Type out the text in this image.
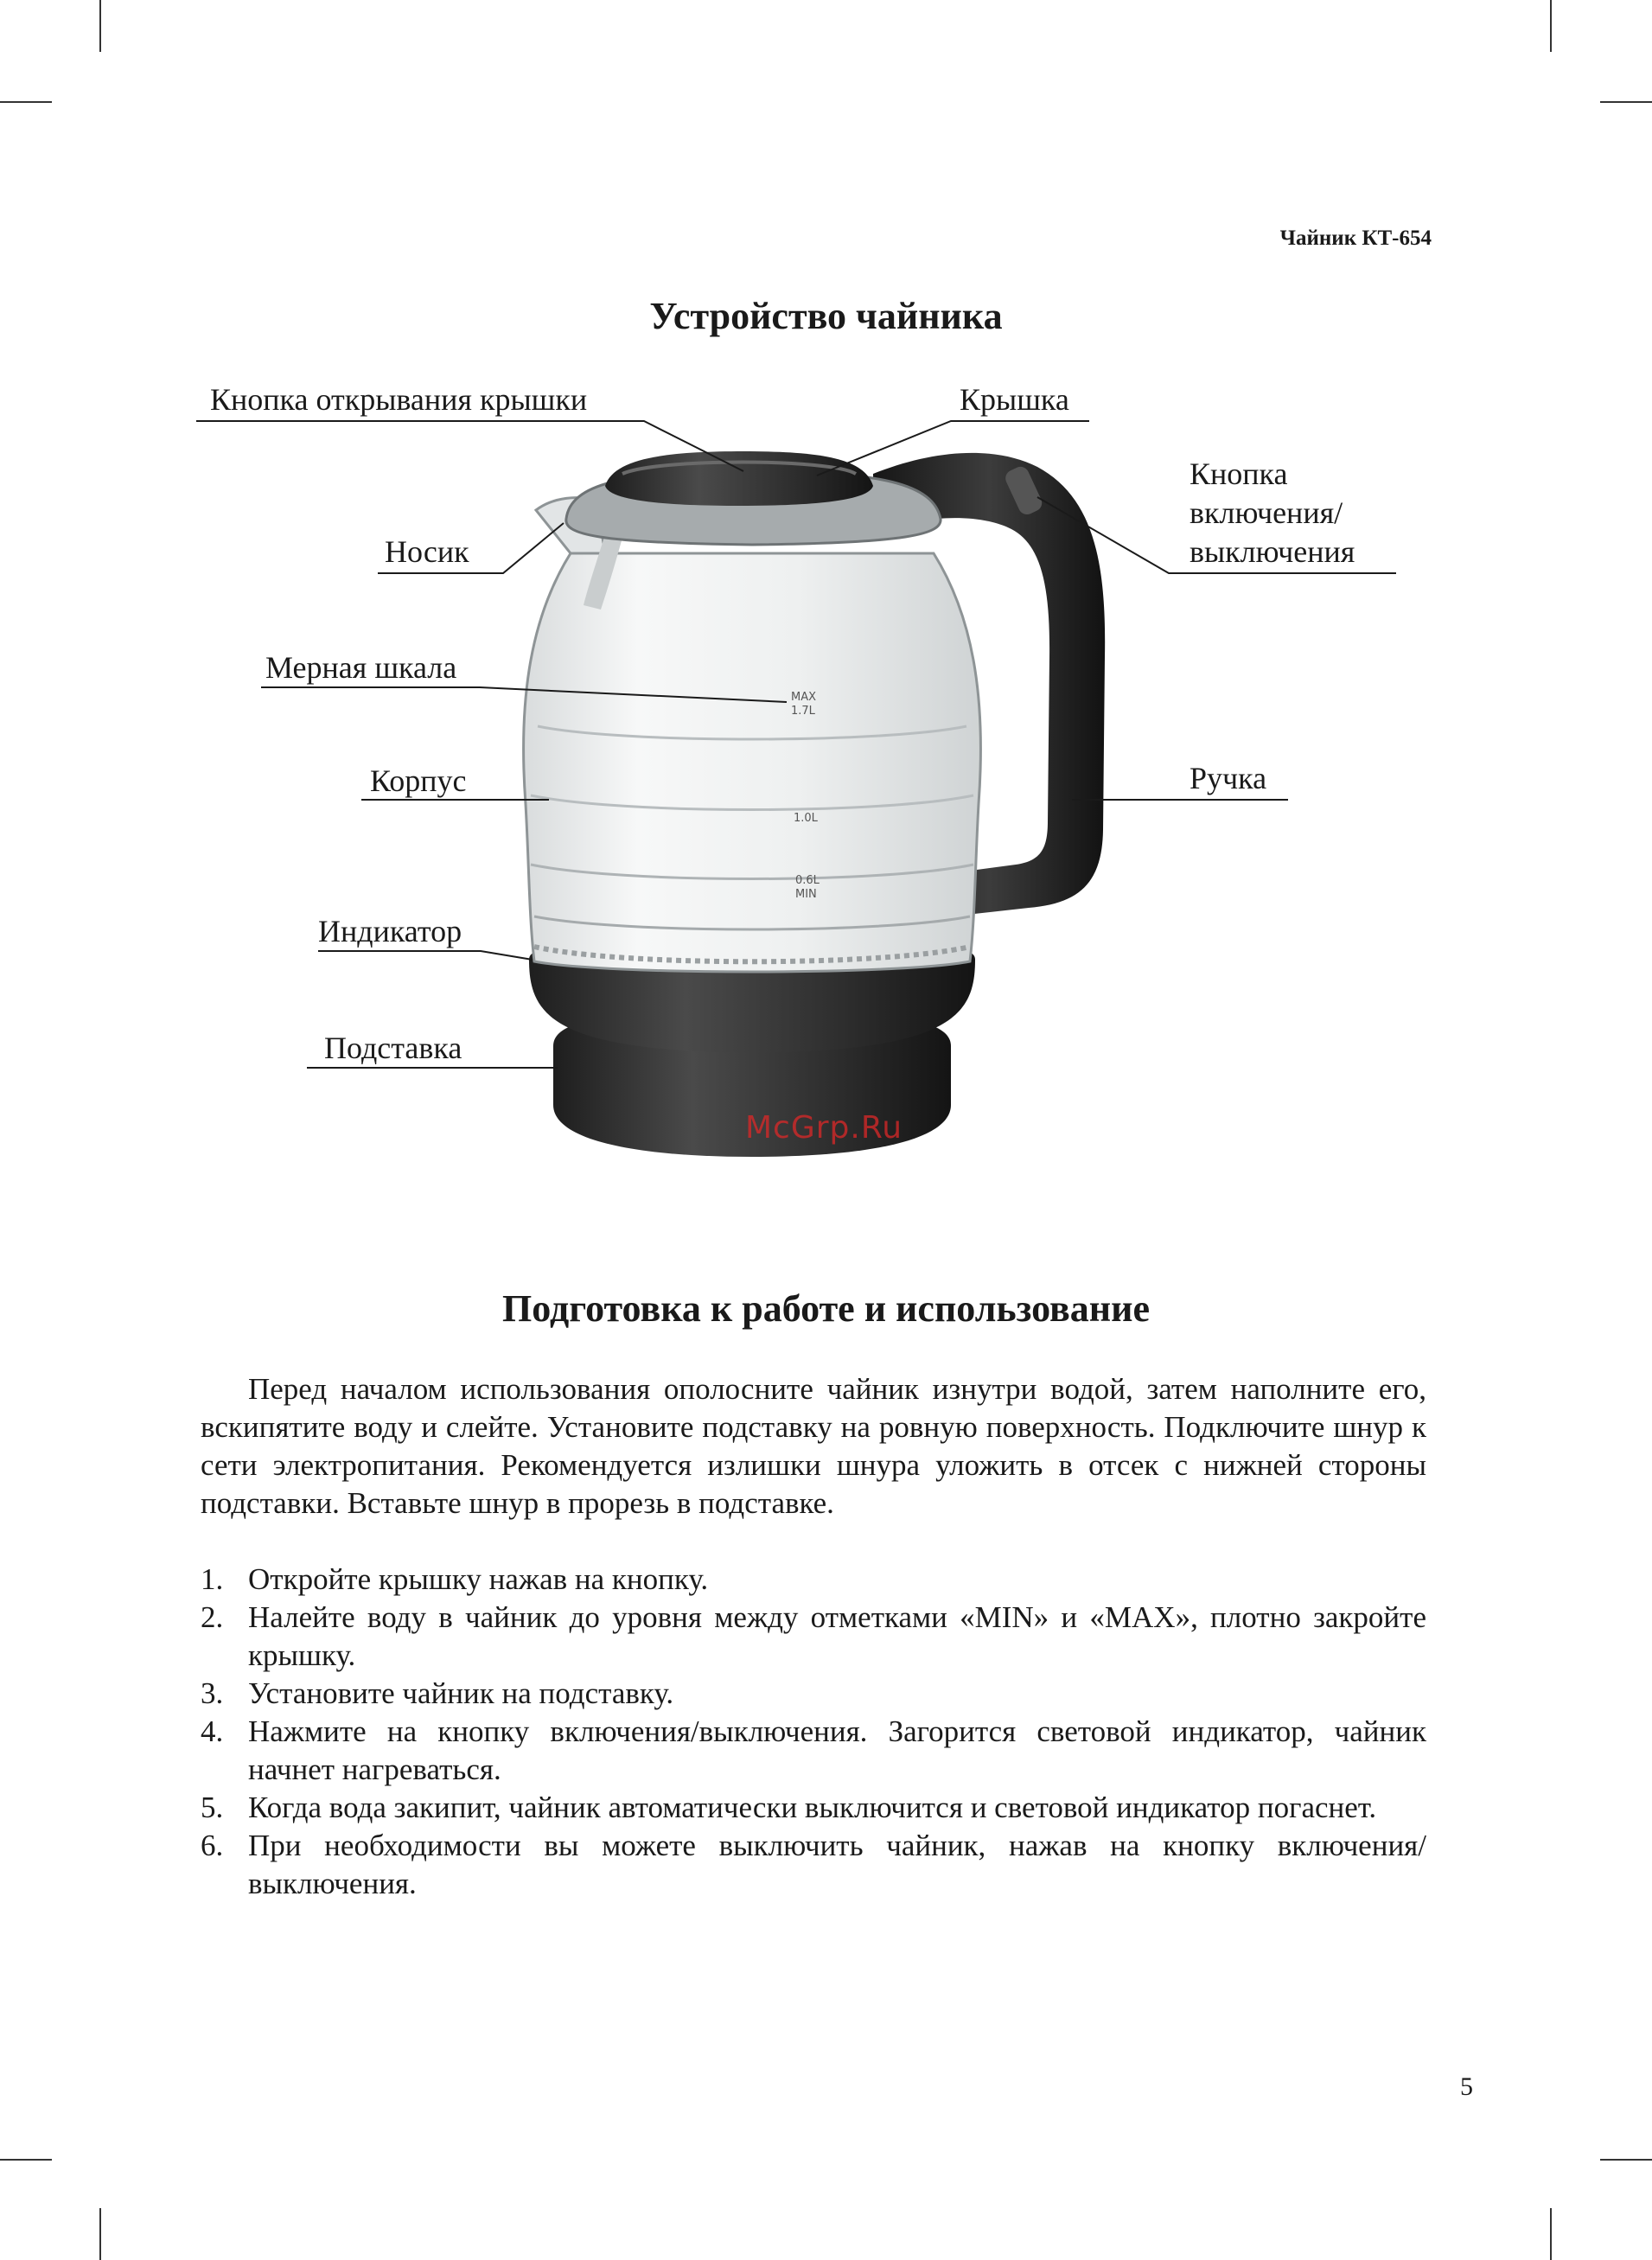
Чайник КТ-654
Устройство чайника
MAX
1.7L
1.0L
0.6L
MIN
Кнопка открывания крышки	Крышка
Кнопка
включения/
выключения
Носик
Мерная шкала
Корпус	Ручка
Индикатор
Подставка
McGrp.Ru
Подготовка к работе и использование

Перед началом использования ополосните чайник изнутри водой, затем наполните его, вскипятите воду и слейте. Установите подставку на ровную поверхность. Подключите шнур к сети электропитания. Рекомендуется излишки шнура уложить в отсек с нижней стороны подставки. Вставьте шнур в прорезь в подставке.

1. Откройте крышку нажав на кнопку.
2. Налейте воду в чайник до уровня между отметками «MIN» и «MAX», плотно закройте крышку.
3. Установите чайник на подставку.
4. Нажмите на кнопку включения/выключения. Загорится световой индикатор, чайник начнет нагреваться.
5. Когда вода закипит, чайник автоматически выключится и световой индикатор погаснет.
6. При необходимости вы можете выключить чайник, нажав на кнопку включения/выключения.
5
